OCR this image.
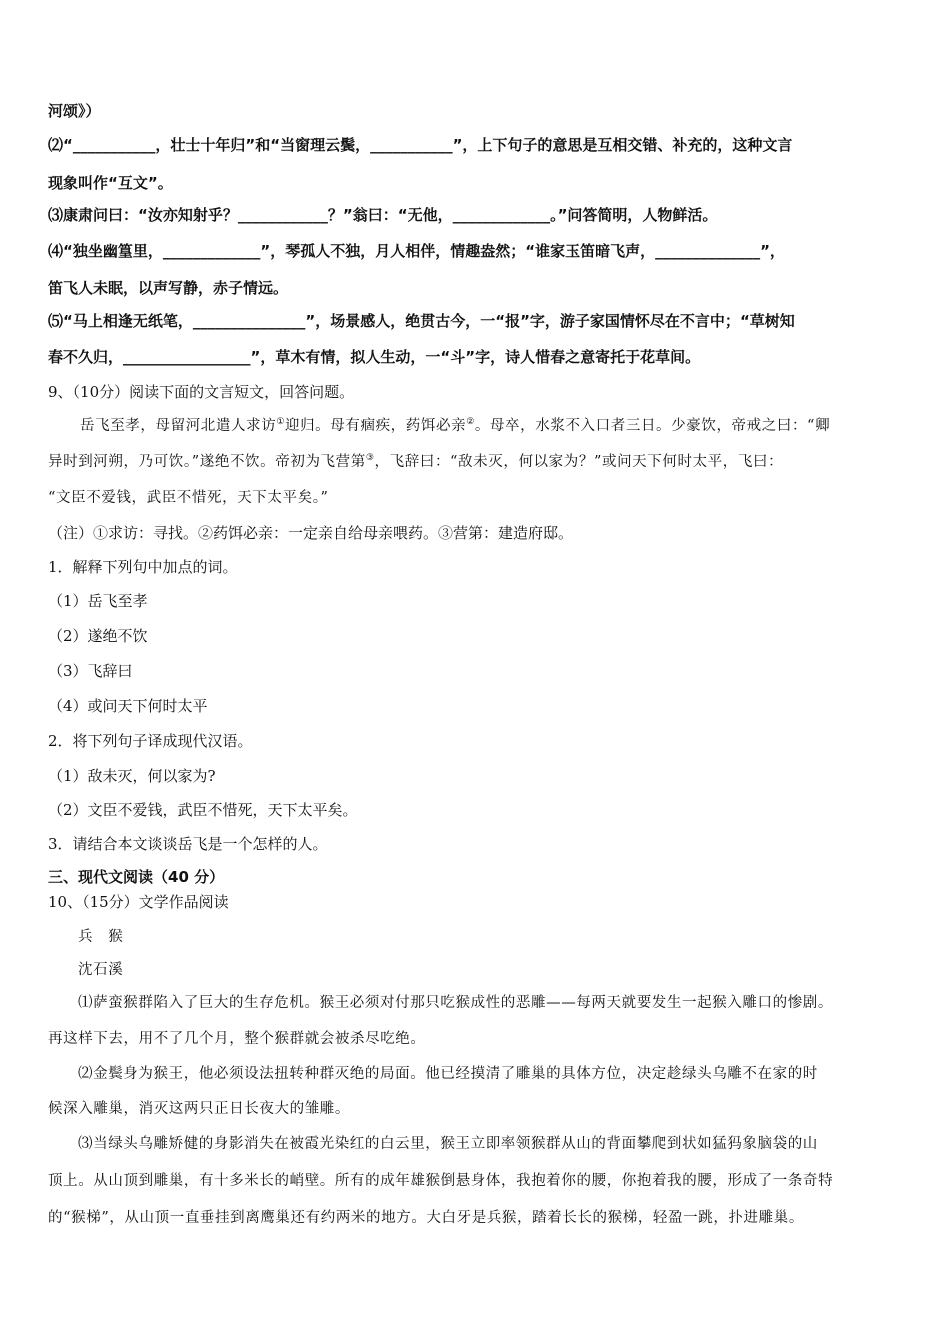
河颂》）
⑵“___________，壮士十年归”和“当窗理云鬓，___________”，上下句子的意思是互相交错、补充的，这种文言
现象叫作“互文”。
⑶康肃问曰：“汝亦知射乎？____________？”翁曰：“无他，_____________。”问答简明，人物鲜活。
⑷“独坐幽篁里，_____________”，琴孤人不独，月人相伴，情趣盎然；“谁家玉笛暗飞声，______________”，
笛飞人未眠，以声写静，赤子情远。
⑸“马上相逢无纸笔，_______________”，场景感人，绝贯古今，一“报”字，游子家国情怀尽在不言中；“草树知
春不久归，_________________”，草木有情，拟人生动，一“斗”字，诗人惜春之意寄托于花草间。
9、（10分）阅读下面的文言短文，回答问题。
岳飞至孝，母留河北遣人求访①迎归。母有痼疾，药饵必亲②。母卒，水浆不入口者三日。少豪饮，帝戒之曰：“卿
异时到河朔，乃可饮。”遂绝不饮。帝初为飞营第③，飞辞曰：“敌未灭，何以家为？”或问天下何时太平，飞曰：
“文臣不爱钱，武臣不惜死，天下太平矣。”
（注）①求访：寻找。②药饵必亲：一定亲自给母亲喂药。③营第：建造府邸。
1．解释下列句中加点的词。
（1）岳飞至孝
（2）遂绝不饮
（3）飞辞曰
（4）或问天下何时太平
2．将下列句子译成现代汉语。
（1）敌未灭，何以家为?
（2）文臣不爱钱，武臣不惜死，天下太平矣。
3．请结合本文谈谈岳飞是一个怎样的人。
三、现代文阅读（40 分）
10、（15分）文学作品阅读
兵　猴
沈石溪
⑴萨蛮猴群陷入了巨大的生存危机。猴王必须对付那只吃猴成性的恶雕——每两天就要发生一起猴入雕口的惨剧。
再这样下去，用不了几个月，整个猴群就会被杀尽吃绝。
⑵金鬓身为猴王，他必须设法扭转种群灭绝的局面。他已经摸清了雕巢的具体方位，决定趁绿头乌雕不在家的时
候深入雕巢，消灭这两只正日长夜大的雏雕。
⑶当绿头乌雕矫健的身影消失在被霞光染红的白云里，猴王立即率领猴群从山的背面攀爬到状如猛犸象脑袋的山
顶上。从山顶到雕巢，有十多米长的峭壁。所有的成年雄猴倒悬身体，我抱着你的腰，你抱着我的腰，形成了一条奇特
的“猴梯”，从山顶一直垂挂到离鹰巢还有约两米的地方。大白牙是兵猴，踏着长长的猴梯，轻盈一跳，扑进雕巢。
